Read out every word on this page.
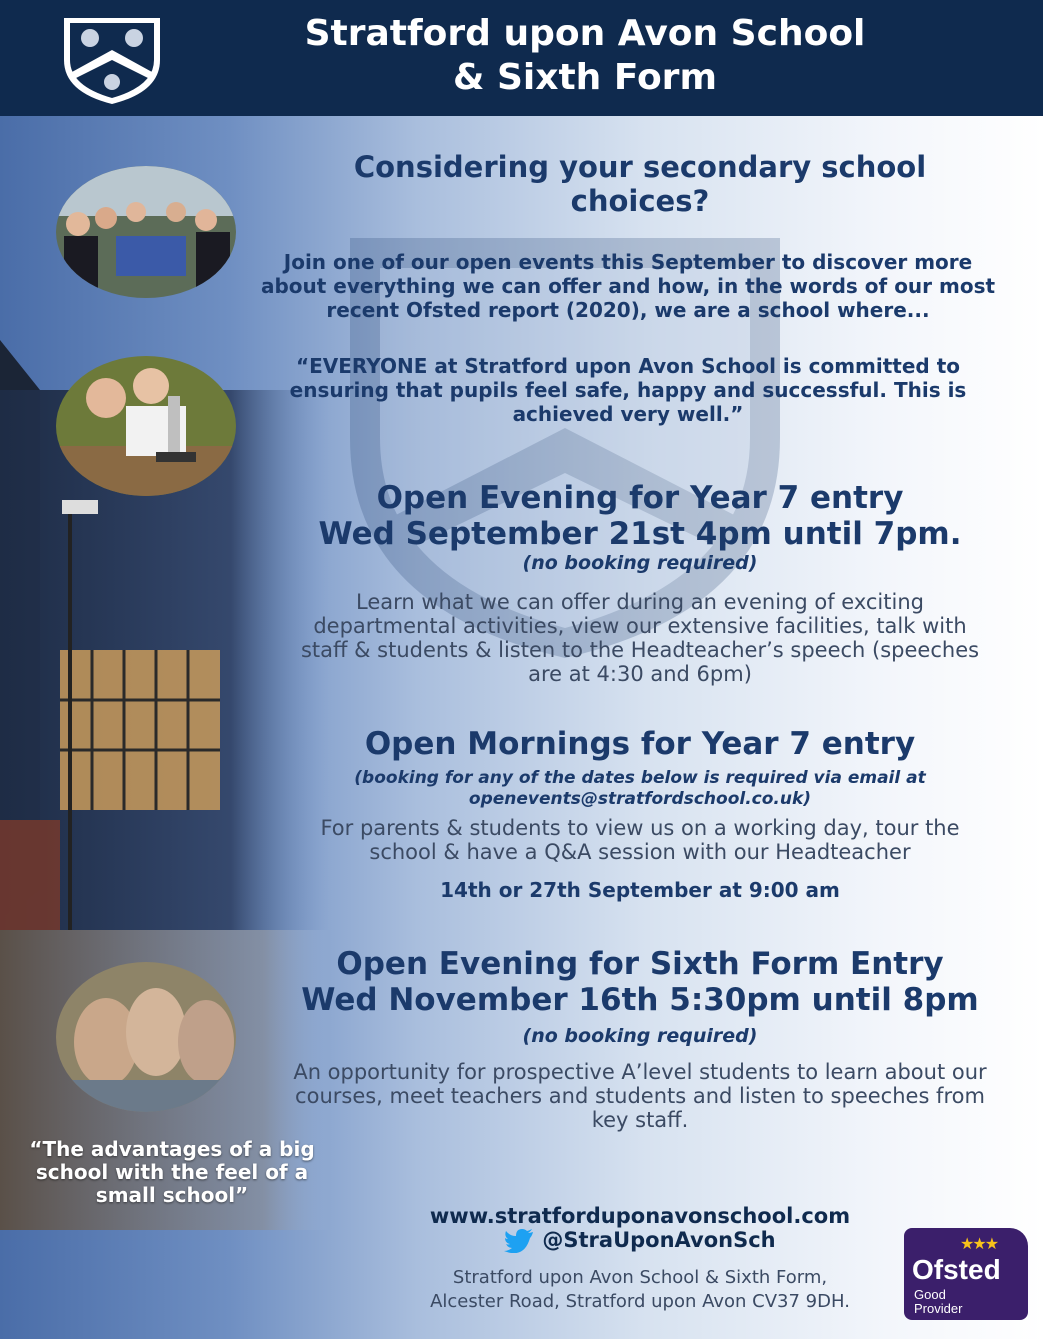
Stratford upon Avon School
& Sixth Form
“The advantages of a big school with the feel of a small school”
Considering your secondary school choices?
Join one of our open events this September to discover more about everything we can offer and how, in the words of our most recent Ofsted report (2020), we are a school where...
“EVERYONE at Stratford upon Avon School is committed to ensuring that pupils feel safe, happy and successful. This is achieved very well.”
Open Evening for Year 7 entry
Wed September 21st 4pm until 7pm.
(no booking required)
Learn what we can offer during an evening of exciting departmental activities, view our extensive facilities, talk with staff & students & listen to the Headteacher’s speech (speeches are at 4:30 and 6pm)
Open Mornings for Year 7 entry
(booking for any of the dates below is required via email at openevents@stratfordschool.co.uk)
For parents & students to view us on a working day, tour the school & have a Q&A session with our Headteacher
14th or 27th September at 9:00 am
Open Evening for Sixth Form Entry
Wed November 16th 5:30pm until 8pm
(no booking required)
An opportunity for prospective A’level students to learn about our courses, meet teachers and students and listen to speeches from key staff.
www.stratforduponavonschool.com
@StraUponAvonSch
Stratford upon Avon School & Sixth Form,
Alcester Road, Stratford upon Avon CV37 9DH.
★★★
Ofsted
Good
Provider
